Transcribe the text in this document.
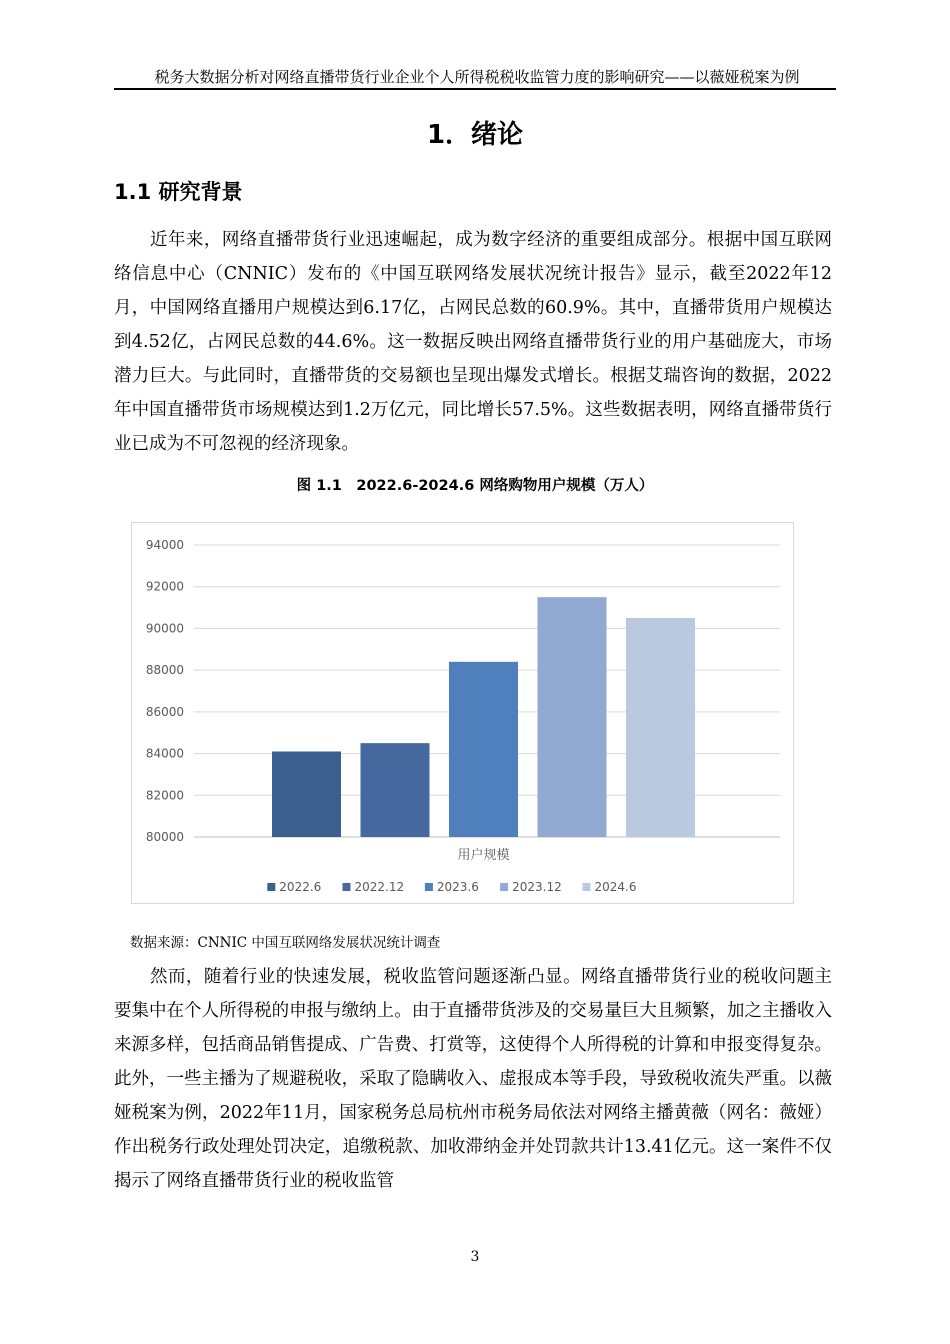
税务大数据分析对网络直播带货行业企业个人所得税税收监管力度的影响研究——以薇娅税案为例
1．绪论
1.1 研究背景
近年来，网络直播带货行业迅速崛起，成为数字经济的重要组成部分。根据中国互联网络信息中心（CNNIC）发布的《中国互联网络发展状况统计报告》显示，截至2022年12月，中国网络直播用户规模达到6.17亿，占网民总数的60.9%。其中，直播带货用户规模达到4.52亿，占网民总数的44.6%。这一数据反映出网络直播带货行业的用户基础庞大，市场潜力巨大。与此同时，直播带货的交易额也呈现出爆发式增长。根据艾瑞咨询的数据，2022年中国直播带货市场规模达到1.2万亿元，同比增长57.5%。这些数据表明，网络直播带货行业已成为不可忽视的经济现象。
图 1.1　2022.6-2024.6 网络购物用户规模（万人）
80000
82000
84000
86000
88000
90000
92000
94000
用户规模
2022.6	2022.12	2023.6	2023.12	2024.6
数据来源：CNNIC 中国互联网络发展状况统计调查
然而，随着行业的快速发展，税收监管问题逐渐凸显。网络直播带货行业的税收问题主要集中在个人所得税的申报与缴纳上。由于直播带货涉及的交易量巨大且频繁，加之主播收入来源多样，包括商品销售提成、广告费、打赏等，这使得个人所得税的计算和申报变得复杂。此外，一些主播为了规避税收，采取了隐瞒收入、虚报成本等手段，导致税收流失严重。以薇娅税案为例，2022年11月，国家税务总局杭州市税务局依法对网络主播黄薇（网名：薇娅）作出税务行政处理处罚决定，追缴税款、加收滞纳金并处罚款共计13.41亿元。这一案件不仅揭示了网络直播带货行业的税收监管
3
